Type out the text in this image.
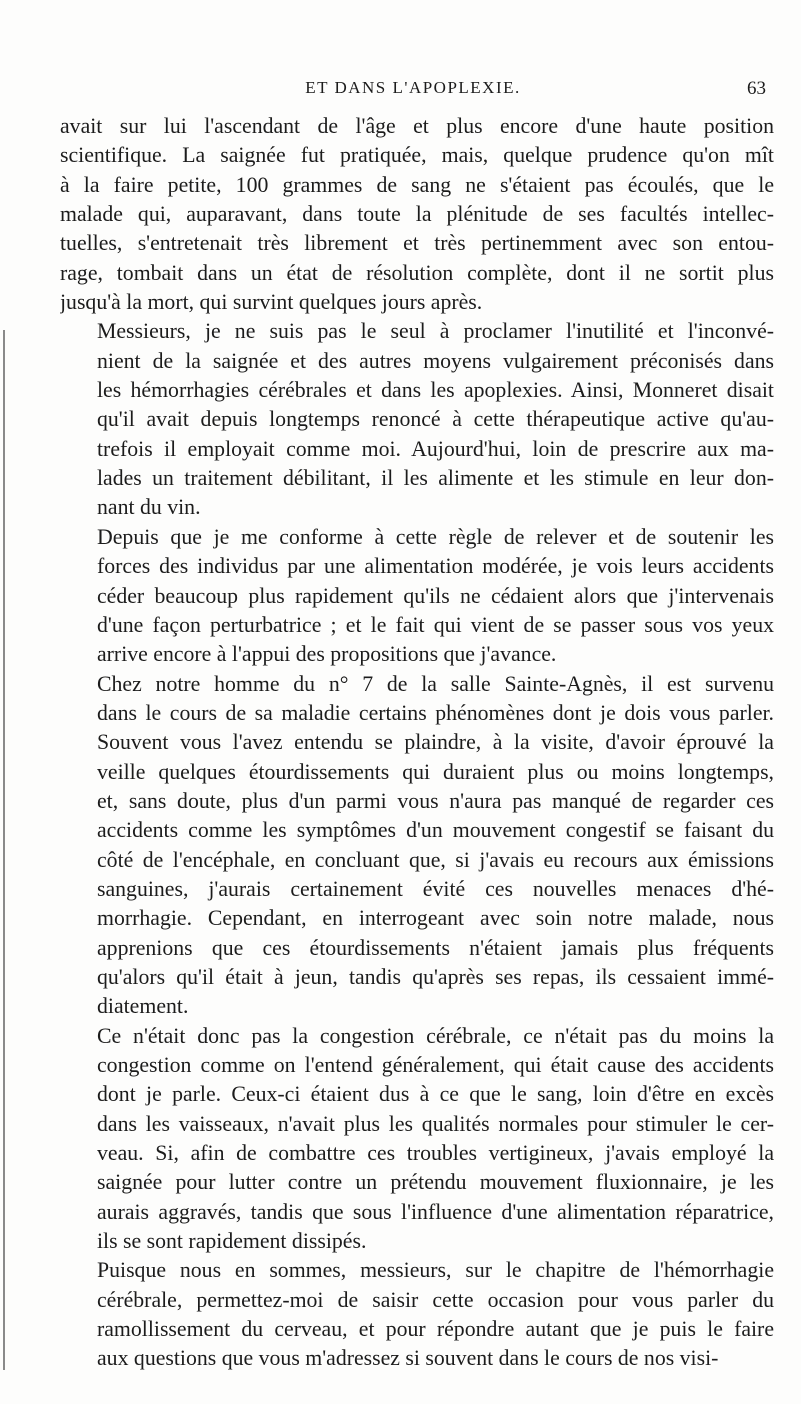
ET DANS L'APOPLEXIE.	63
avait sur lui l'ascendant de l'âge et plus encore d'une haute position
scientifique. La saignée fut pratiquée, mais, quelque prudence qu'on mît
à la faire petite, 100 grammes de sang ne s'étaient pas écoulés, que le
malade qui, auparavant, dans toute la plénitude de ses facultés intellec-
tuelles, s'entretenait très librement et très pertinemment avec son entou-
rage, tombait dans un état de résolution complète, dont il ne sortit plus
jusqu'à la mort, qui survint quelques jours après.
Messieurs, je ne suis pas le seul à proclamer l'inutilité et l'inconvé-
nient de la saignée et des autres moyens vulgairement préconisés dans
les hémorrhagies cérébrales et dans les apoplexies. Ainsi, Monneret disait
qu'il avait depuis longtemps renoncé à cette thérapeutique active qu'au-
trefois il employait comme moi. Aujourd'hui, loin de prescrire aux ma-
lades un traitement débilitant, il les alimente et les stimule en leur don-
nant du vin.
Depuis que je me conforme à cette règle de relever et de soutenir les
forces des individus par une alimentation modérée, je vois leurs accidents
céder beaucoup plus rapidement qu'ils ne cédaient alors que j'intervenais
d'une façon perturbatrice ; et le fait qui vient de se passer sous vos yeux
arrive encore à l'appui des propositions que j'avance.
Chez notre homme du n° 7 de la salle Sainte-Agnès, il est survenu
dans le cours de sa maladie certains phénomènes dont je dois vous parler.
Souvent vous l'avez entendu se plaindre, à la visite, d'avoir éprouvé la
veille quelques étourdissements qui duraient plus ou moins longtemps,
et, sans doute, plus d'un parmi vous n'aura pas manqué de regarder ces
accidents comme les symptômes d'un mouvement congestif se faisant du
côté de l'encéphale, en concluant que, si j'avais eu recours aux émissions
sanguines, j'aurais certainement évité ces nouvelles menaces d'hé-
morrhagie. Cependant, en interrogeant avec soin notre malade, nous
apprenions que ces étourdissements n'étaient jamais plus fréquents
qu'alors qu'il était à jeun, tandis qu'après ses repas, ils cessaient immé-
diatement.
Ce n'était donc pas la congestion cérébrale, ce n'était pas du moins la
congestion comme on l'entend généralement, qui était cause des accidents
dont je parle. Ceux-ci étaient dus à ce que le sang, loin d'être en excès
dans les vaisseaux, n'avait plus les qualités normales pour stimuler le cer-
veau. Si, afin de combattre ces troubles vertigineux, j'avais employé la
saignée pour lutter contre un prétendu mouvement fluxionnaire, je les
aurais aggravés, tandis que sous l'influence d'une alimentation réparatrice,
ils se sont rapidement dissipés.
Puisque nous en sommes, messieurs, sur le chapitre de l'hémorrhagie
cérébrale, permettez-moi de saisir cette occasion pour vous parler du
ramollissement du cerveau, et pour répondre autant que je puis le faire
aux questions que vous m'adressez si souvent dans le cours de nos visi-
